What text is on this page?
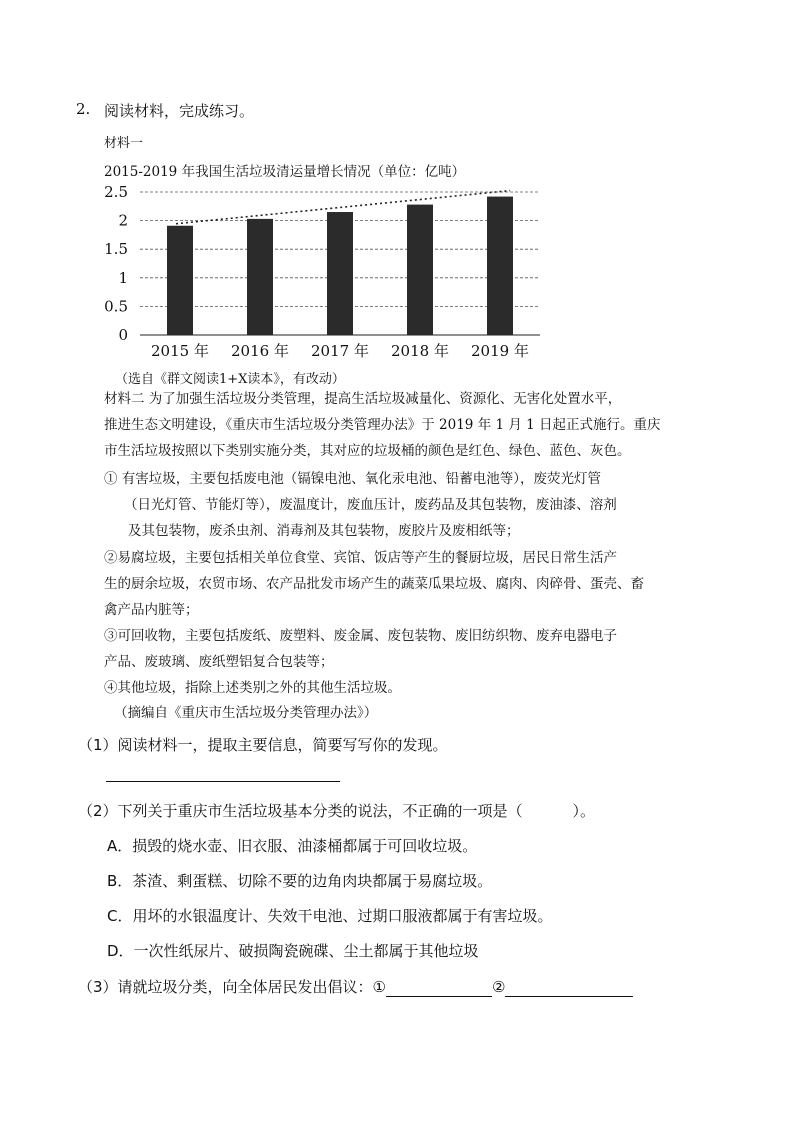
2. 阅读材料，完成练习。
材料一
2015-2019 年我国生活垃圾清运量增长情况（单位：亿吨）
0
0.5
1
1.5
2
2.5
2015 年 2016 年 2017 年 2018 年 2019 年
（选自《群文阅读1+X读本》，有改动）
材料二 为了加强生活垃圾分类管理，提高生活垃圾减量化、资源化、无害化处置水平，
推进生态文明建设，《重庆市生活垃圾分类管理办法》于 2019 年 1 月 1 日起正式施行。重庆
市生活垃圾按照以下类别实施分类，其对应的垃圾桶的颜色是红色、绿色、蓝色、灰色。
① 有害垃圾，主要包括废电池（镉镍电池、氧化汞电池、铅蓄电池等），废荧光灯管
（日光灯管、节能灯等），废温度计，废血压计，废药品及其包装物，废油漆、溶剂
及其包装物，废杀虫剂、消毒剂及其包装物，废胶片及废相纸等；
②易腐垃圾，主要包括相关单位食堂、宾馆、饭店等产生的餐厨垃圾，居民日常生活产
生的厨余垃圾，农贸市场、农产品批发市场产生的蔬菜瓜果垃圾、腐肉、肉碎骨、蛋壳、畜
禽产品内脏等；
③可回收物，主要包括废纸、废塑料、废金属、废包装物、废旧纺织物、废弃电器电子
产品、废玻璃、废纸塑铝复合包装等；
④其他垃圾，指除上述类别之外的其他生活垃圾。
（摘编自《重庆市生活垃圾分类管理办法》）
（1）阅读材料一，提取主要信息，简要写写你的发现。
（2）下列关于重庆市生活垃圾基本分类的说法，不正确的一项是（	）。
A．损毁的烧水壶、旧衣服、油漆桶都属于可回收垃圾。
B．茶渣、剩蛋糕、切除不要的边角肉块都属于易腐垃圾。
C．用坏的水银温度计、失效干电池、过期口服液都属于有害垃圾。
D．一次性纸尿片、破损陶瓷碗碟、尘土都属于其他垃圾
（3）请就垃圾分类，向全体居民发出倡议：①	②
